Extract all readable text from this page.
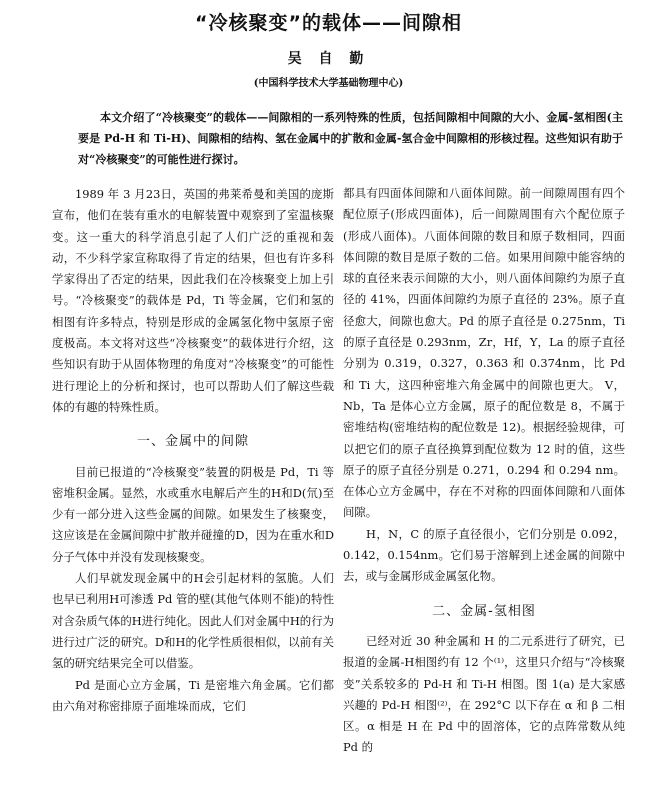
“冷核聚变”的载体——间隙相
吴 自 勤
(中国科学技术大学基础物理中心)
本文介绍了“冷核聚变”的载体——间隙相的一系列特殊的性质，包括间隙相中间隙的大小、金属-氢相图(主要是 Pd-H 和 Ti-H)、间隙相的结构、氢在金属中的扩散和金属-氢合金中间隙相的形核过程。这些知识有助于对“冷核聚变”的可能性进行探讨。

1989 年 3 月23日，英国的弗莱希曼和美国的庞斯宣布，他们在装有重水的电解装置中观察到了室温核聚变。这一重大的科学消息引起了人们广泛的重视和轰动，不少科学家宣称取得了肯定的结果，但也有许多科学家得出了否定的结果，因此我们在冷核聚变上加上引号。“冷核聚变”的载体是 Pd，Ti 等金属，它们和氢的相图有许多特点，特别是形成的金属氢化物中氢原子密度极高。本文将对这些“冷核聚变”的载体进行介绍，这些知识有助于从固体物理的角度对“冷核聚变”的可能性进行理论上的分析和探讨，也可以帮助人们了解这些载体的有趣的特殊性质。

一、金属中的间隙

目前已报道的“冷核聚变”装置的阴极是 Pd，Ti 等密堆积金属。显然，水或重水电解后产生的H和D(氘)至少有一部分进入这些金属的间隙。如果发生了核聚变，这应该是在金属间隙中扩散并碰撞的D，因为在重水和D分子气体中并没有发现核聚变。

人们早就发现金属中的H会引起材料的氢脆。人们也早已利用H可渗透 Pd 管的壁(其他气体则不能)的特性对含杂质气体的H进行纯化。因此人们对金属中H的行为进行过广泛的研究。D和H的化学性质很相似，以前有关氢的研究结果完全可以借鉴。

Pd 是面心立方金属，Ti 是密堆六角金属。它们都由六角对称密排原子面堆垛而成，它们

都具有四面体间隙和八面体间隙。前一间隙周围有四个配位原子(形成四面体)，后一间隙周围有六个配位原子(形成八面体)。八面体间隙的数目和原子数相同，四面体间隙的数目是原子数的二倍。如果用间隙中能容纳的球的直径来表示间隙的大小，则八面体间隙约为原子直径的 41%，四面体间隙约为原子直径的 23%。原子直径愈大，间隙也愈大。Pd 的原子直径是 0.275nm，Ti 的原子直径是 0.293nm，Zr，Hf，Y，La 的原子直径分别为 0.319，0.327，0.363 和 0.374nm，比 Pd 和 Ti 大，这四种密堆六角金属中的间隙也更大。 V，Nb，Ta 是体心立方金属，原子的配位数是 8，不属于密堆结构(密堆结构的配位数是 12)。根据经验规律，可以把它们的原子直径换算到配位数为 12 时的值，这些原子的原子直径分别是 0.271，0.294 和 0.294 nm。在体心立方金属中，存在不对称的四面体间隙和八面体间隙。

H，N，C 的原子直径很小，它们分别是 0.092，0.142，0.154nm。它们易于溶解到上述金属的间隙中去，或与金属形成金属氢化物。

二、金属-氢相图

已经对近 30 种金属和 H 的二元系进行了研究，已报道的金属-H相图约有 12 个⁽¹⁾，这里只介绍与“冷核聚变”关系较多的 Pd-H 和 Ti-H 相图。图 1(a) 是大家感兴趣的 Pd-H 相图⁽²⁾，在 292°C 以下存在 α 和 β 二相区。α 相是 H 在 Pd 中的固溶体，它的点阵常数从纯 Pd 的
